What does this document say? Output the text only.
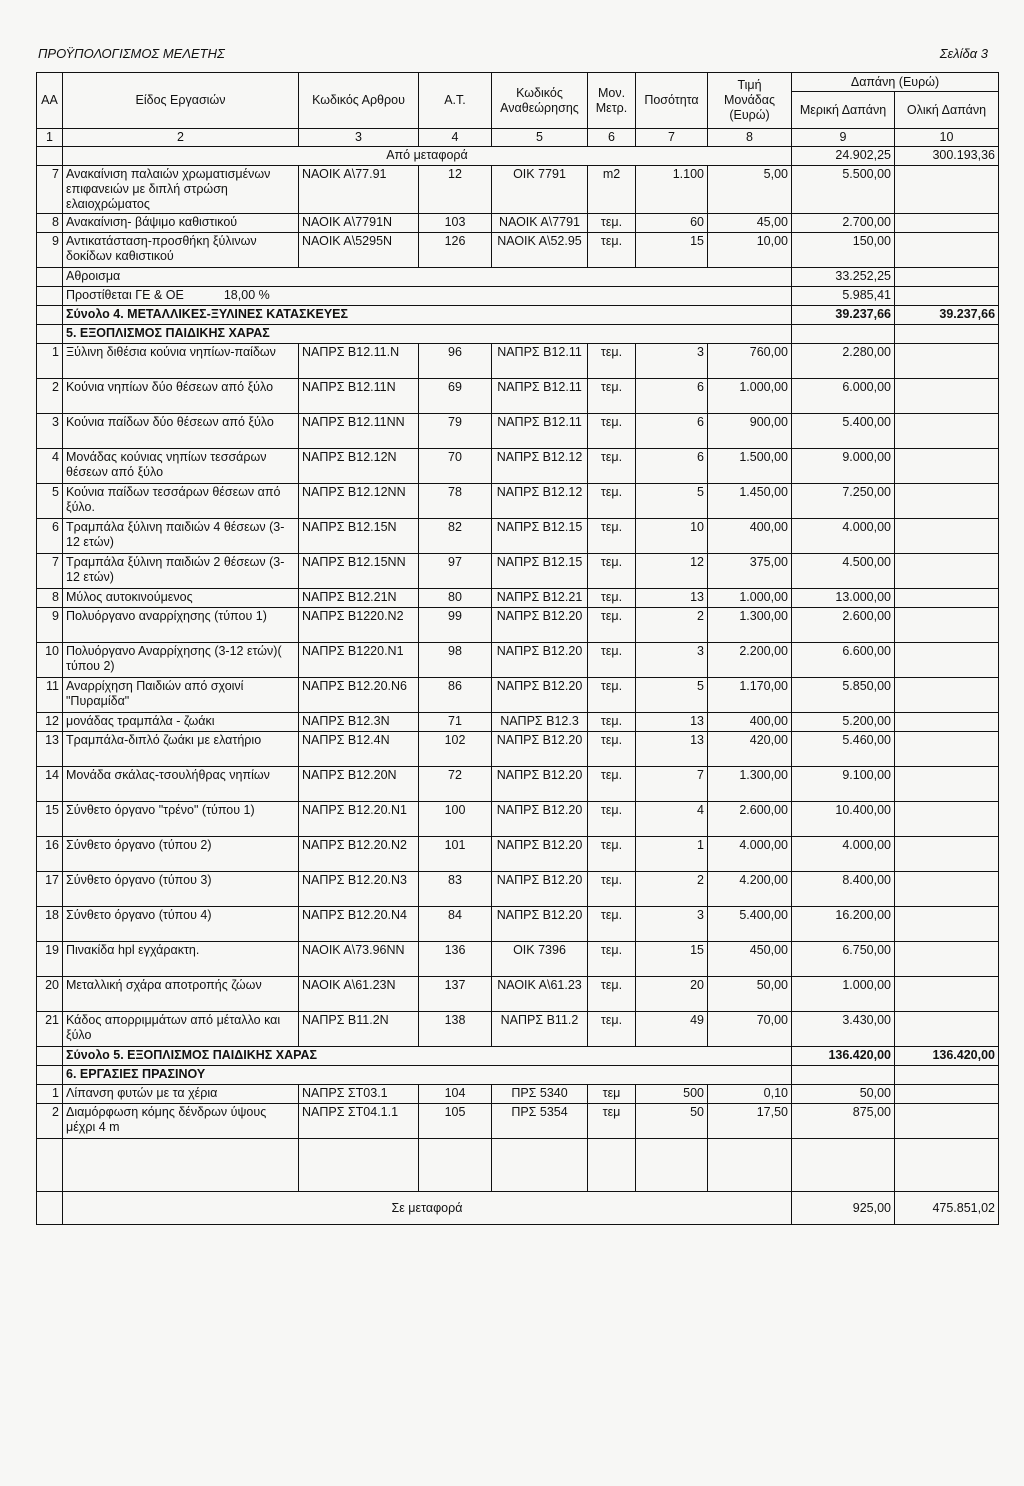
ΠΡΟΫΠΟΛΟΓΙΣΜΟΣ ΜΕΛΕΤΗΣ	Σελίδα 3
ΑΑ	Είδος Εργασιών	Κωδικός Αρθρου	Α.Τ.	Κωδικός Αναθεώρησης	Μον. Μετρ.	Ποσότητα	Τιμή Μονάδας (Ευρώ)	Δαπάνη (Ευρώ)	
								Μερική Δαπάνη	Ολική Δαπάνη
1	2	3	4	5	6	7	8	9	10
	Από μεταφορά							24.902,25	300.193,36
7	Ανακαίνιση παλαιών χρωματισμένων επιφανειών με διπλή στρώση ελαιοχρώματος	ΝΑΟΙΚ Α\77.91	12	ΟΙΚ 7791	m2	1.100	5,00	5.500,00	
8	Ανακαίνιση- βάψιμο καθιστικού	ΝΑΟΙΚ Α\7791Ν	103	ΝΑΟΙΚ Α\7791	τεμ.	60	45,00	2.700,00	
9	Αντικατάσταση-προσθήκη ξύλινων δοκίδων καθιστικού	ΝΑΟΙΚ Α\5295Ν	126	ΝΑΟΙΚ Α\52.95	τεμ.	15	10,00	150,00	
	Αθροισμα							33.252,25	
	Προστίθεται ΓΕ & ΟΕ 18,00 %							5.985,41	
	Σύνολο 4. ΜΕΤΑΛΛΙΚΕΣ-ΞΥΛΙΝΕΣ ΚΑΤΑΣΚΕΥΕΣ							39.237,66	39.237,66
	5. ΕΞΟΠΛΙΣΜΟΣ ΠΑΙΔΙΚΗΣ ΧΑΡΑΣ								
1	Ξύλινη διθέσια κούνια νηπίων-παίδων	ΝΑΠΡΣ Β12.11.Ν	96	ΝΑΠΡΣ Β12.11	τεμ.	3	760,00	2.280,00	
2	Κούνια νηπίων δύο θέσεων από ξύλο	ΝΑΠΡΣ Β12.11Ν	69	ΝΑΠΡΣ Β12.11	τεμ.	6	1.000,00	6.000,00	
3	Κούνια παίδων δύο θέσεων από ξύλο	ΝΑΠΡΣ Β12.11ΝΝ	79	ΝΑΠΡΣ Β12.11	τεμ.	6	900,00	5.400,00	
4	Μονάδας κούνιας νηπίων τεσσάρων θέσεων από ξύλο	ΝΑΠΡΣ Β12.12Ν	70	ΝΑΠΡΣ Β12.12	τεμ.	6	1.500,00	9.000,00	
5	Κούνια παίδων τεσσάρων θέσεων από ξύλο.	ΝΑΠΡΣ Β12.12ΝΝ	78	ΝΑΠΡΣ Β12.12	τεμ.	5	1.450,00	7.250,00	
6	Τραμπάλα ξύλινη παιδιών 4 θέσεων (3-12 ετών)	ΝΑΠΡΣ Β12.15Ν	82	ΝΑΠΡΣ Β12.15	τεμ.	10	400,00	4.000,00	
7	Τραμπάλα ξύλινη παιδιών 2 θέσεων (3-12 ετών)	ΝΑΠΡΣ Β12.15ΝΝ	97	ΝΑΠΡΣ Β12.15	τεμ.	12	375,00	4.500,00	
8	Μύλος αυτοκινούμενος	ΝΑΠΡΣ Β12.21Ν	80	ΝΑΠΡΣ Β12.21	τεμ.	13	1.000,00	13.000,00	
9	Πολυόργανο αναρρίχησης (τύπου 1)	ΝΑΠΡΣ Β1220.Ν2	99	ΝΑΠΡΣ Β12.20	τεμ.	2	1.300,00	2.600,00	
10	Πολυόργανο Αναρρίχησης (3-12 ετών)( τύπου 2)	ΝΑΠΡΣ Β1220.Ν1	98	ΝΑΠΡΣ Β12.20	τεμ.	3	2.200,00	6.600,00	
11	Αναρρίχηση Παιδιών από σχοινί "Πυραμίδα"	ΝΑΠΡΣ Β12.20.Ν6	86	ΝΑΠΡΣ Β12.20	τεμ.	5	1.170,00	5.850,00	
12	μονάδας τραμπάλα - ζωάκι	ΝΑΠΡΣ Β12.3Ν	71	ΝΑΠΡΣ Β12.3	τεμ.	13	400,00	5.200,00	
13	Τραμπάλα-διπλό ζωάκι με ελατήριο	ΝΑΠΡΣ Β12.4Ν	102	ΝΑΠΡΣ Β12.20	τεμ.	13	420,00	5.460,00	
14	Μονάδα σκάλας-τσουλήθρας νηπίων	ΝΑΠΡΣ Β12.20Ν	72	ΝΑΠΡΣ Β12.20	τεμ.	7	1.300,00	9.100,00	
15	Σύνθετο όργανο "τρένο" (τύπου 1)	ΝΑΠΡΣ Β12.20.Ν1	100	ΝΑΠΡΣ Β12.20	τεμ.	4	2.600,00	10.400,00	
16	Σύνθετο όργανο (τύπου 2)	ΝΑΠΡΣ Β12.20.Ν2	101	ΝΑΠΡΣ Β12.20	τεμ.	1	4.000,00	4.000,00	
17	Σύνθετο όργανο (τύπου 3)	ΝΑΠΡΣ Β12.20.Ν3	83	ΝΑΠΡΣ Β12.20	τεμ.	2	4.200,00	8.400,00	
18	Σύνθετο όργανο (τύπου 4)	ΝΑΠΡΣ Β12.20.Ν4	84	ΝΑΠΡΣ Β12.20	τεμ.	3	5.400,00	16.200,00	
19	Πινακίδα hpl εγχάρακτη.	ΝΑΟΙΚ Α\73.96ΝΝ	136	ΟΙΚ 7396	τεμ.	15	450,00	6.750,00	
20	Μεταλλική σχάρα αποτροπής ζώων	ΝΑΟΙΚ Α\61.23Ν	137	ΝΑΟΙΚ Α\61.23	τεμ.	20	50,00	1.000,00	
21	Κάδος απορριμμάτων από μέταλλο και ξύλο	ΝΑΠΡΣ Β11.2Ν	138	ΝΑΠΡΣ Β11.2	τεμ.	49	70,00	3.430,00	
	Σύνολο 5. ΕΞΟΠΛΙΣΜΟΣ ΠΑΙΔΙΚΗΣ ΧΑΡΑΣ							136.420,00	136.420,00
	6. ΕΡΓΑΣΙΕΣ ΠΡΑΣΙΝΟΥ								
1	Λίπανση φυτών με τα χέρια	ΝΑΠΡΣ ΣΤ03.1	104	ΠΡΣ 5340	τεμ	500	0,10	50,00	
2	Διαμόρφωση κόμης δένδρων ύψους μέχρι 4 m	ΝΑΠΡΣ ΣΤ04.1.1	105	ΠΡΣ 5354	τεμ	50	17,50	875,00	

	Σε μεταφορά							925,00	475.851,02
